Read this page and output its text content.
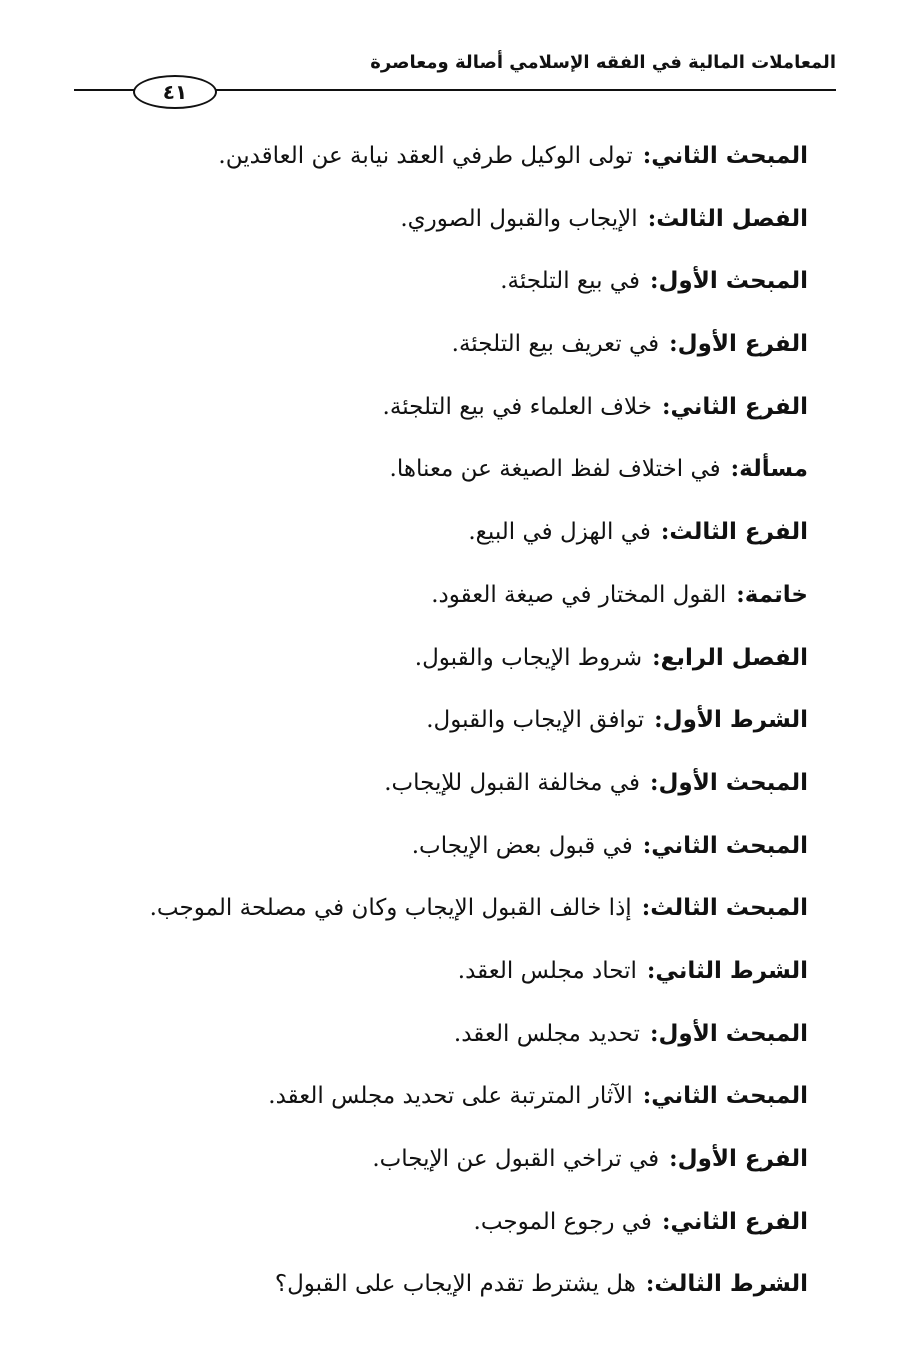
المعاملات المالية في الفقه الإسلامي أصالة ومعاصرة
٤١
المبحث الثاني:تولى الوكيل طرفي العقد نيابة عن العاقدين.
الفصل الثالث:الإيجاب والقبول الصوري.
المبحث الأول:في بيع التلجئة.
الفرع الأول:في تعريف بيع التلجئة.
الفرع الثاني:خلاف العلماء في بيع التلجئة.
مسألة:في اختلاف لفظ الصيغة عن معناها.
الفرع الثالث:في الهزل في البيع.
خاتمة:القول المختار في صيغة العقود.
الفصل الرابع:شروط الإيجاب والقبول.
الشرط الأول:توافق الإيجاب والقبول.
المبحث الأول:في مخالفة القبول للإيجاب.
المبحث الثاني:في قبول بعض الإيجاب.
المبحث الثالث:إذا خالف القبول الإيجاب وكان في مصلحة الموجب.
الشرط الثاني:اتحاد مجلس العقد.
المبحث الأول:تحديد مجلس العقد.
المبحث الثاني:الآثار المترتبة على تحديد مجلس العقد.
الفرع الأول:في تراخي القبول عن الإيجاب.
الفرع الثاني:في رجوع الموجب.
الشرط الثالث:هل يشترط تقدم الإيجاب على القبول؟
